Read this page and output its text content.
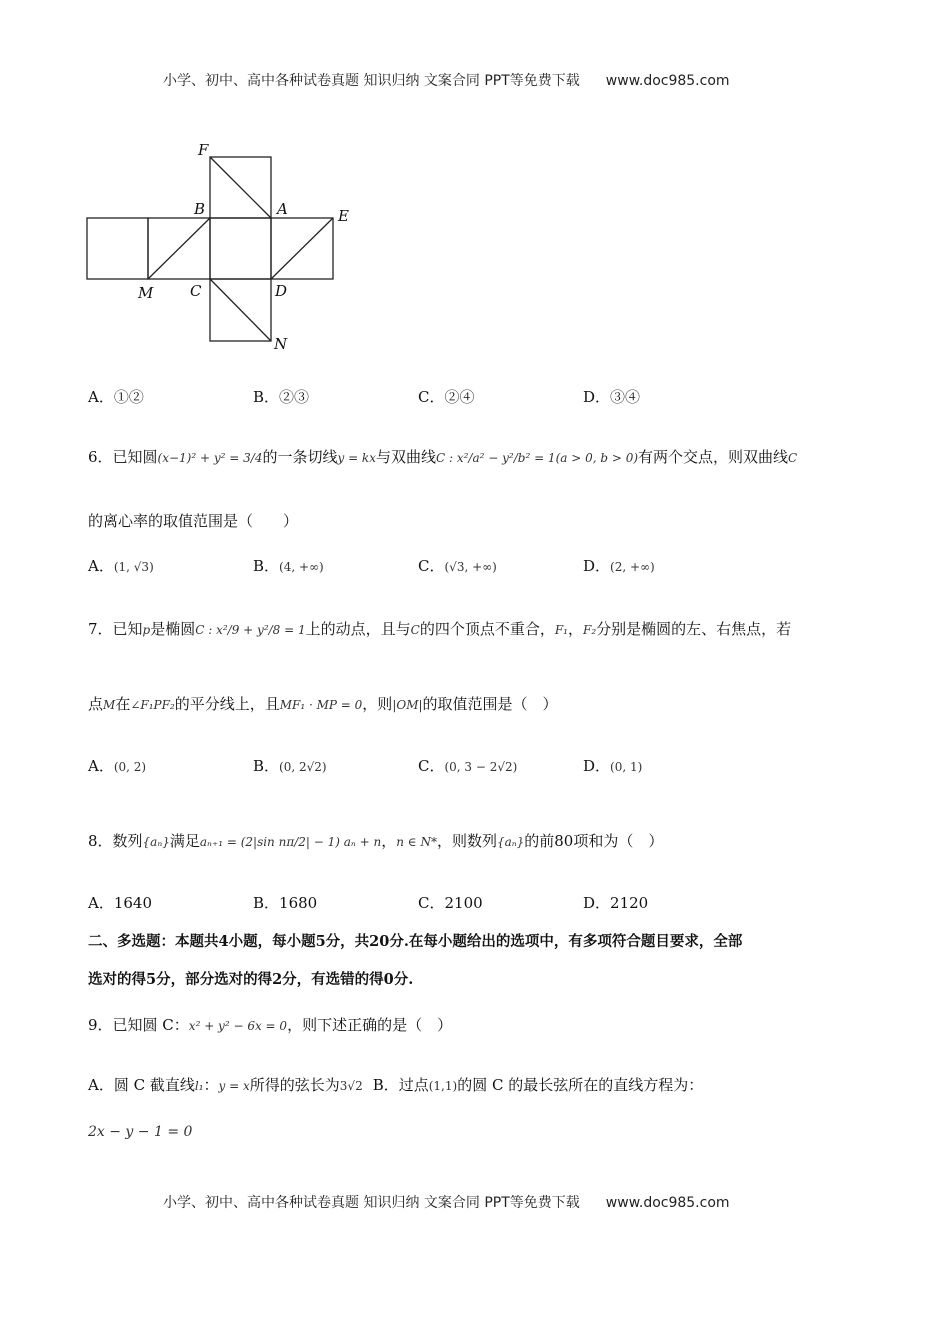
小学、初中、高中各种试卷真题 知识归纳 文案合同 PPT等免费下载 www.doc985.com
F
B	A	E
M C	D
N
A．①②	B．②③	C．②④	D．③④
6．已知圆(x−1)² + y² = 3/4的一条切线y = kx与双曲线C : x²/a² − y²/b² = 1(a > 0, b > 0)有两个交点，则双曲线C
的离心率的取值范围是（　　）
A．(1, √3)	B．(4, +∞)	C．(√3, +∞)	D．(2, +∞)
7．已知p是椭圆C : x²/9 + y²/8 = 1上的动点，且与C的四个顶点不重合，F₁，F₂分别是椭圆的左、右焦点，若
点M在∠F₁PF₂的平分线上，且MF₁ · MP = 0，则|OM|的取值范围是（　）
A．(0, 2)	B．(0, 2√2)	C．(0, 3 − 2√2)	D．(0, 1)
8．数列{aₙ}满足aₙ₊₁ = (2|sin nπ/2| − 1) aₙ + n，n ∈ N*，则数列{aₙ}的前80项和为（　）
A．1640	B．1680	C．2100	D．2120
二、多选题：本题共4小题，每小题5分，共20分.在每小题给出的选项中，有多项符合题目要求，全部
选对的得5分，部分选对的得2分，有选错的得0分.
9．已知圆 C：x² + y² − 6x = 0，则下述正确的是（　）
A．圆 C 截直线l₁：y = x所得的弦长为3√2 B．过点(1,1)的圆 C 的最长弦所在的直线方程为：
2x − y − 1 = 0
小学、初中、高中各种试卷真题 知识归纳 文案合同 PPT等免费下载 www.doc985.com
